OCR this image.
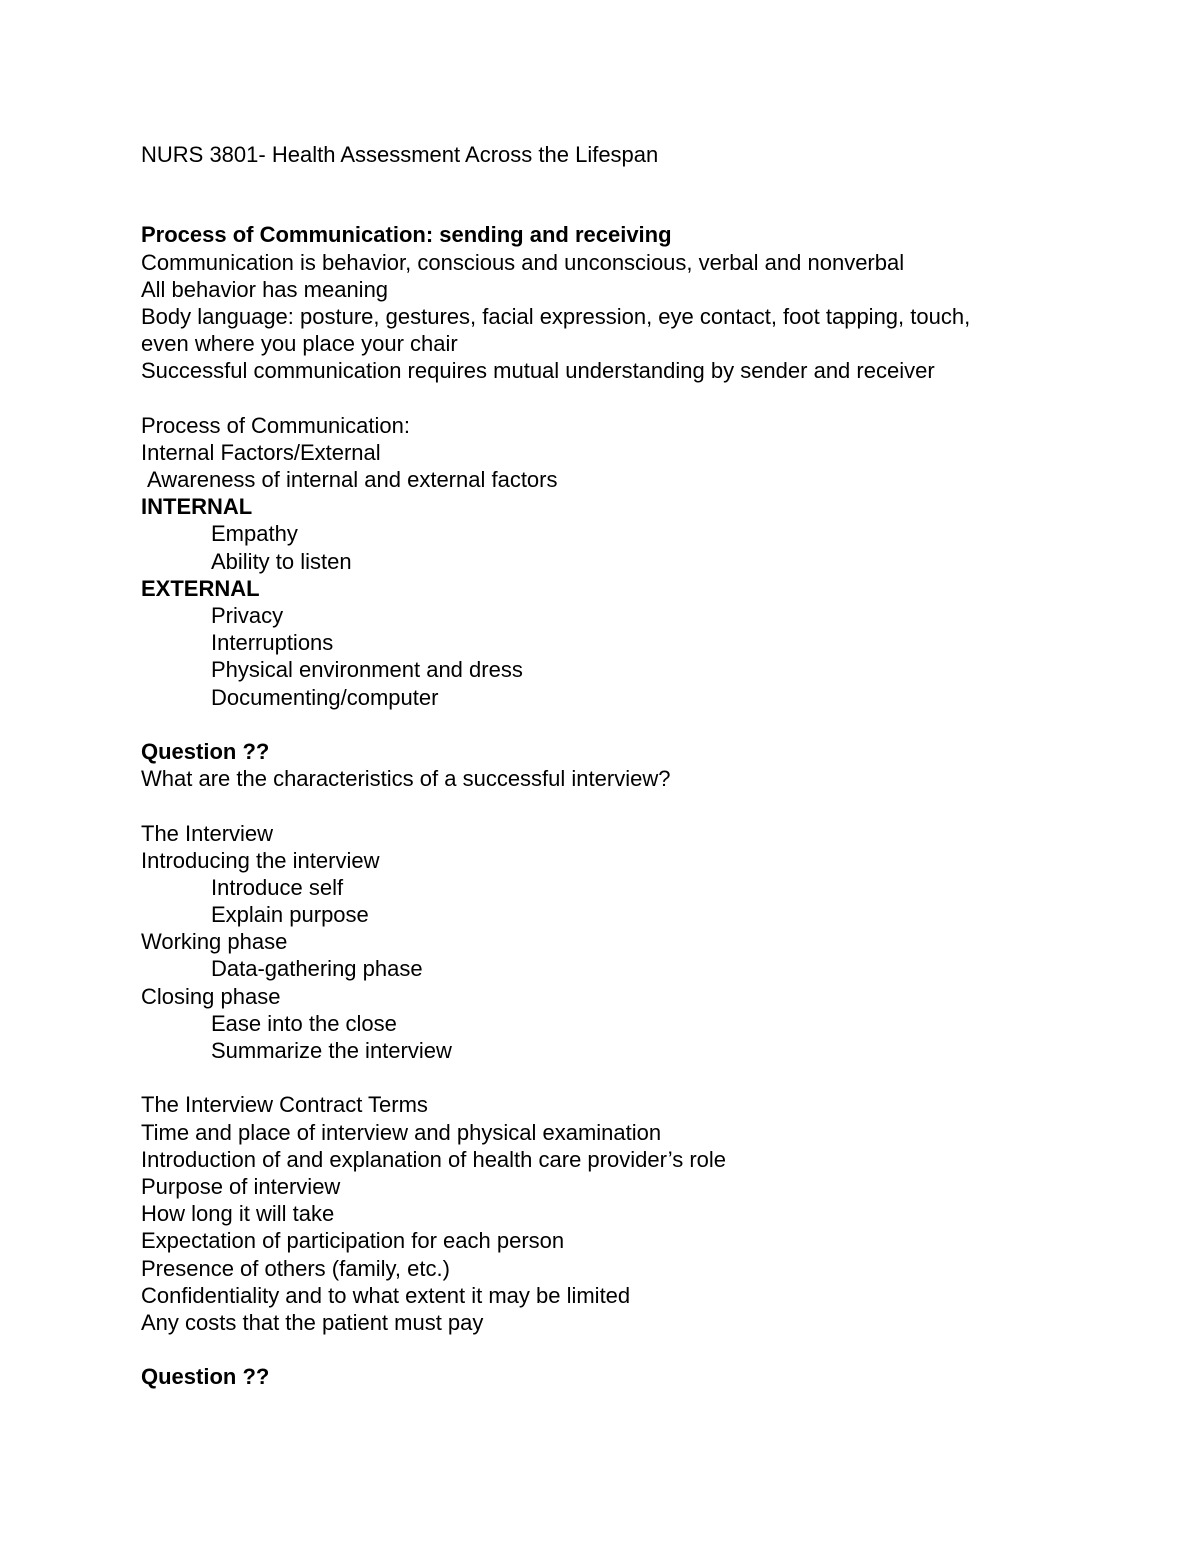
NURS 3801- Health Assessment Across the Lifespan
Process of Communication: sending and receiving
Communication is behavior, conscious and unconscious, verbal and nonverbal
All behavior has meaning
Body language: posture, gestures, facial expression, eye contact, foot tapping, touch,
even where you place your chair
Successful communication requires mutual understanding by sender and receiver
Process of Communication:
Internal Factors/External
Awareness of internal and external factors
INTERNAL
Empathy
Ability to listen
EXTERNAL
Privacy
Interruptions
Physical environment and dress
Documenting/computer
Question ??
What are the characteristics of a successful interview?
The Interview
Introducing the interview
Introduce self
Explain purpose
Working phase
Data-gathering phase
Closing phase
Ease into the close
Summarize the interview
The Interview Contract Terms
Time and place of interview and physical examination
Introduction of and explanation of health care provider’s role
Purpose of interview
How long it will take
Expectation of participation for each person
Presence of others (family, etc.)
Confidentiality and to what extent it may be limited
Any costs that the patient must pay
Question ??
